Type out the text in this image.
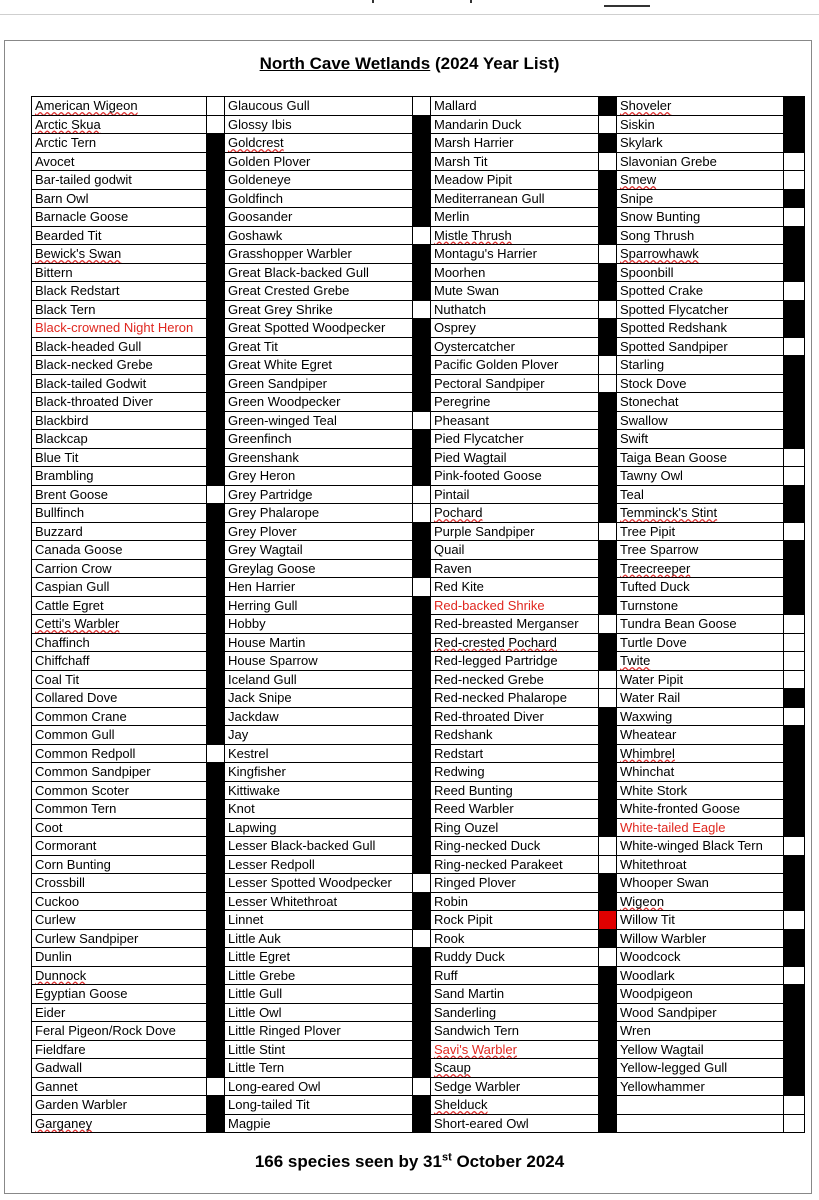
North Cave Wetlands (2024 Year List)
American Wigeon		Glaucous Gull		Mallard		Shoveler	
Arctic Skua		Glossy Ibis		Mandarin Duck		Siskin	
Arctic Tern		Goldcrest		Marsh Harrier		Skylark	
Avocet		Golden Plover		Marsh Tit		Slavonian Grebe	
Bar-tailed godwit		Goldeneye		Meadow Pipit		Smew	
Barn Owl		Goldfinch		Mediterranean Gull		Snipe	
Barnacle Goose		Goosander		Merlin		Snow Bunting	
Bearded Tit		Goshawk		Mistle Thrush		Song Thrush	
Bewick's Swan		Grasshopper Warbler		Montagu's Harrier		Sparrowhawk	
Bittern		Great Black-backed Gull		Moorhen		Spoonbill	
Black Redstart		Great Crested Grebe		Mute Swan		Spotted Crake	
Black Tern		Great Grey Shrike		Nuthatch		Spotted Flycatcher	
Black-crowned Night Heron		Great Spotted Woodpecker		Osprey		Spotted Redshank	
Black-headed Gull		Great Tit		Oystercatcher		Spotted Sandpiper	
Black-necked Grebe		Great White Egret		Pacific Golden Plover		Starling	
Black-tailed Godwit		Green Sandpiper		Pectoral Sandpiper		Stock Dove	
Black-throated Diver		Green Woodpecker		Peregrine		Stonechat	
Blackbird		Green-winged Teal		Pheasant		Swallow	
Blackcap		Greenfinch		Pied Flycatcher		Swift	
Blue Tit		Greenshank		Pied Wagtail		Taiga Bean Goose	
Brambling		Grey Heron		Pink-footed Goose		Tawny Owl	
Brent Goose		Grey Partridge		Pintail		Teal	
Bullfinch		Grey Phalarope		Pochard		Temminck's Stint	
Buzzard		Grey Plover		Purple Sandpiper		Tree Pipit	
Canada Goose		Grey Wagtail		Quail		Tree Sparrow	
Carrion Crow		Greylag Goose		Raven		Treecreeper	
Caspian Gull		Hen Harrier		Red Kite		Tufted Duck	
Cattle Egret		Herring Gull		Red-backed Shrike		Turnstone	
Cetti's Warbler		Hobby		Red-breasted Merganser		Tundra Bean Goose	
Chaffinch		House Martin		Red-crested Pochard		Turtle Dove	
Chiffchaff		House Sparrow		Red-legged Partridge		Twite	
Coal Tit		Iceland Gull		Red-necked Grebe		Water Pipit	
Collared Dove		Jack Snipe		Red-necked Phalarope		Water Rail	
Common Crane		Jackdaw		Red-throated Diver		Waxwing	
Common Gull		Jay		Redshank		Wheatear	
Common Redpoll		Kestrel		Redstart		Whimbrel	
Common Sandpiper		Kingfisher		Redwing		Whinchat	
Common Scoter		Kittiwake		Reed Bunting		White Stork	
Common Tern		Knot		Reed Warbler		White-fronted Goose	
Coot		Lapwing		Ring Ouzel		White-tailed Eagle	
Cormorant		Lesser Black-backed Gull		Ring-necked Duck		White-winged Black Tern	
Corn Bunting		Lesser Redpoll		Ring-necked Parakeet		Whitethroat	
Crossbill		Lesser Spotted Woodpecker		Ringed Plover		Whooper Swan	
Cuckoo		Lesser Whitethroat		Robin		Wigeon	
Curlew		Linnet		Rock Pipit		Willow Tit	
Curlew Sandpiper		Little Auk		Rook		Willow Warbler	
Dunlin		Little Egret		Ruddy Duck		Woodcock	
Dunnock		Little Grebe		Ruff		Woodlark	
Egyptian Goose		Little Gull		Sand Martin		Woodpigeon	
Eider		Little Owl		Sanderling		Wood Sandpiper	
Feral Pigeon/Rock Dove		Little Ringed Plover		Sandwich Tern		Wren	
Fieldfare		Little Stint		Savi's Warbler		Yellow Wagtail	
Gadwall		Little Tern		Scaup		Yellow-legged Gull	
Gannet		Long-eared Owl		Sedge Warbler		Yellowhammer	
Garden Warbler		Long-tailed Tit		Shelduck			
Garganey		Magpie		Short-eared Owl			
166 species seen by 31st October 2024
